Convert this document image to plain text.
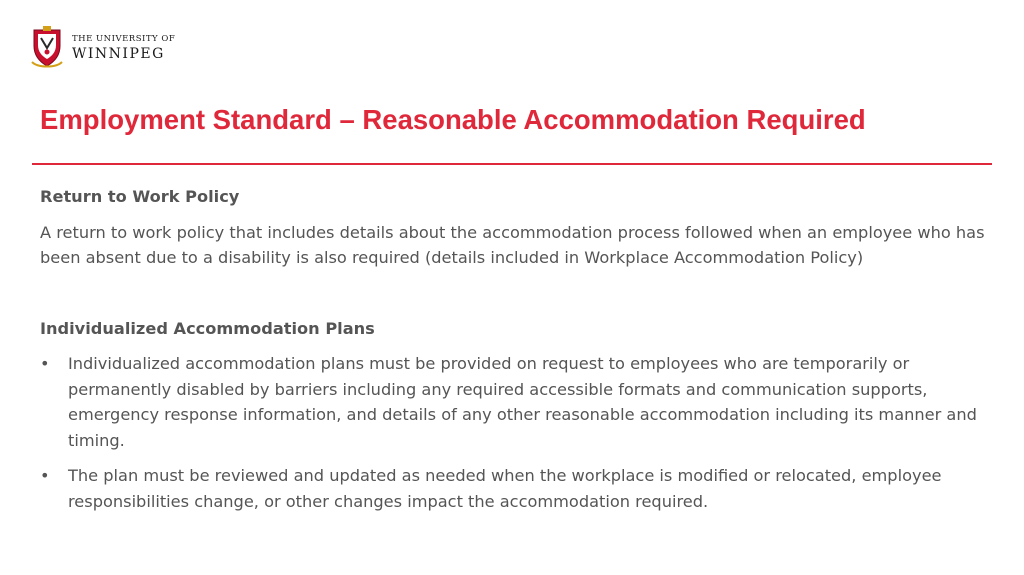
THE UNIVERSITY OF
WINNIPEG
Employment Standard – Reasonable Accommodation Required

Return to Work Policy

A return to work policy that includes details about the accommodation process followed when an employee who has been absent due to a disability is also required (details included in Workplace Accommodation Policy)

Individualized Accommodation Plans

• Individualized accommodation plans must be provided on request to employees who are temporarily or permanently disabled by barriers including any required accessible formats and communication supports, emergency response information, and details of any other reasonable accommodation including its manner and timing.
• The plan must be reviewed and updated as needed when the workplace is modified or relocated, employee responsibilities change, or other changes impact the accommodation required.
